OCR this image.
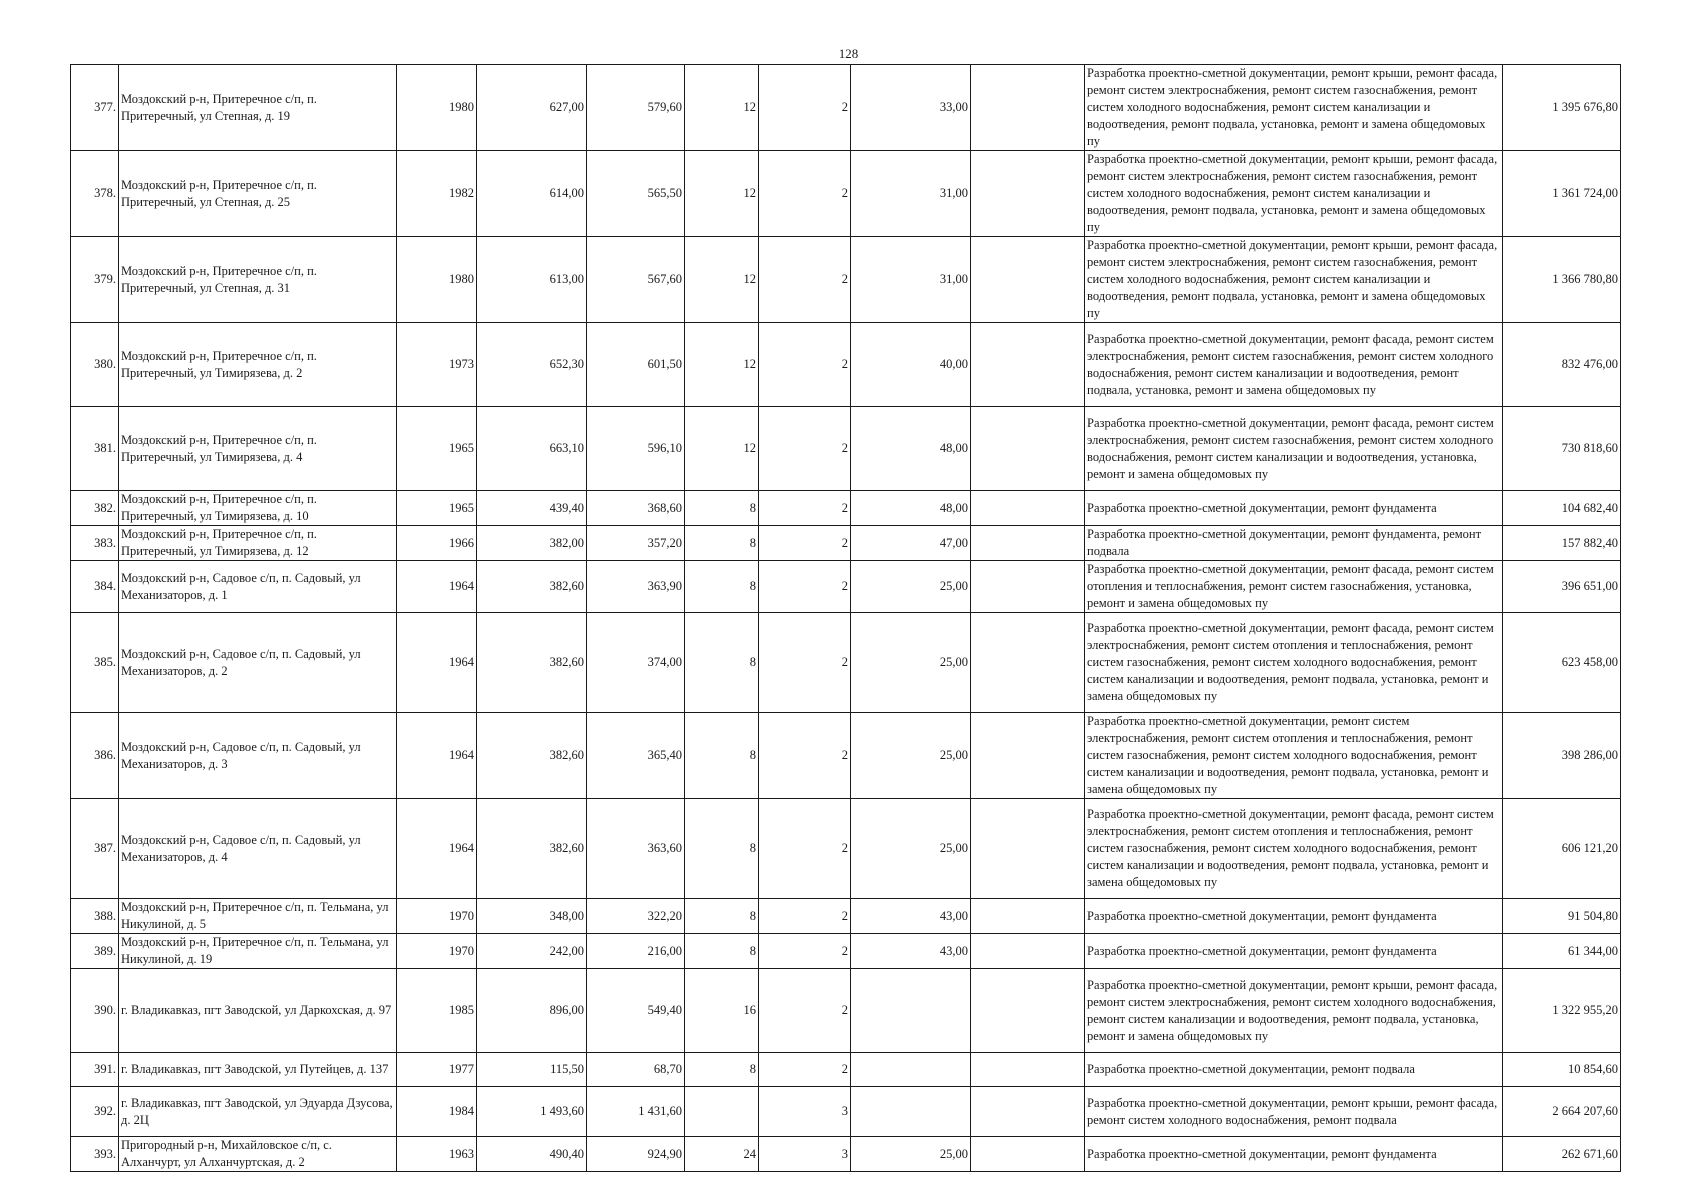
128
377.	Моздокский р-н, Притеречное с/п, п. Притеречный, ул Степная, д. 19	1980	627,00	579,60	12	2	33,00		Разработка проектно-сметной документации, ремонт крыши, ремонт фасада, ремонт систем электроснабжения, ремонт систем газоснабжения, ремонт систем холодного водоснабжения, ремонт систем канализации и водоотведения, ремонт подвала, установка, ремонт и замена общедомовых пу	1 395 676,80
378.	Моздокский р-н, Притеречное с/п, п. Притеречный, ул Степная, д. 25	1982	614,00	565,50	12	2	31,00		Разработка проектно-сметной документации, ремонт крыши, ремонт фасада, ремонт систем электроснабжения, ремонт систем газоснабжения, ремонт систем холодного водоснабжения, ремонт систем канализации и водоотведения, ремонт подвала, установка, ремонт и замена общедомовых пу	1 361 724,00
379.	Моздокский р-н, Притеречное с/п, п. Притеречный, ул Степная, д. 31	1980	613,00	567,60	12	2	31,00		Разработка проектно-сметной документации, ремонт крыши, ремонт фасада, ремонт систем электроснабжения, ремонт систем газоснабжения, ремонт систем холодного водоснабжения, ремонт систем канализации и водоотведения, ремонт подвала, установка, ремонт и замена общедомовых пу	1 366 780,80
380.	Моздокский р-н, Притеречное с/п, п. Притеречный, ул Тимирязева, д. 2	1973	652,30	601,50	12	2	40,00		Разработка проектно-сметной документации, ремонт фасада, ремонт систем электроснабжения, ремонт систем газоснабжения, ремонт систем холодного водоснабжения, ремонт систем канализации и водоотведения, ремонт подвала, установка, ремонт и замена общедомовых пу	832 476,00
381.	Моздокский р-н, Притеречное с/п, п. Притеречный, ул Тимирязева, д. 4	1965	663,10	596,10	12	2	48,00		Разработка проектно-сметной документации, ремонт фасада, ремонт систем электроснабжения, ремонт систем газоснабжения, ремонт систем холодного водоснабжения, ремонт систем канализации и водоотведения, установка, ремонт и замена общедомовых пу	730 818,60
382.	Моздокский р-н, Притеречное с/п, п. Притеречный, ул Тимирязева, д. 10	1965	439,40	368,60	8	2	48,00		Разработка проектно-сметной документации, ремонт фундамента	104 682,40
383.	Моздокский р-н, Притеречное с/п, п. Притеречный, ул Тимирязева, д. 12	1966	382,00	357,20	8	2	47,00		Разработка проектно-сметной документации, ремонт фундамента, ремонт подвала	157 882,40
384.	Моздокский р-н, Садовое с/п, п. Садовый, ул Механизаторов, д. 1	1964	382,60	363,90	8	2	25,00		Разработка проектно-сметной документации, ремонт фасада, ремонт систем отопления и теплоснабжения, ремонт систем газоснабжения, установка, ремонт и замена общедомовых пу	396 651,00
385.	Моздокский р-н, Садовое с/п, п. Садовый, ул Механизаторов, д. 2	1964	382,60	374,00	8	2	25,00		Разработка проектно-сметной документации, ремонт фасада, ремонт систем электроснабжения, ремонт систем отопления и теплоснабжения, ремонт систем газоснабжения, ремонт систем холодного водоснабжения, ремонт систем канализации и водоотведения, ремонт подвала, установка, ремонт и замена общедомовых пу	623 458,00
386.	Моздокский р-н, Садовое с/п, п. Садовый, ул Механизаторов, д. 3	1964	382,60	365,40	8	2	25,00		Разработка проектно-сметной документации, ремонт систем электроснабжения, ремонт систем отопления и теплоснабжения, ремонт систем газоснабжения, ремонт систем холодного водоснабжения, ремонт систем канализации и водоотведения, ремонт подвала, установка, ремонт и замена общедомовых пу	398 286,00
387.	Моздокский р-н, Садовое с/п, п. Садовый, ул Механизаторов, д. 4	1964	382,60	363,60	8	2	25,00		Разработка проектно-сметной документации, ремонт фасада, ремонт систем электроснабжения, ремонт систем отопления и теплоснабжения, ремонт систем газоснабжения, ремонт систем холодного водоснабжения, ремонт систем канализации и водоотведения, ремонт подвала, установка, ремонт и замена общедомовых пу	606 121,20
388.	Моздокский р-н, Притеречное с/п, п. Тельмана, ул Никулиной, д. 5	1970	348,00	322,20	8	2	43,00		Разработка проектно-сметной документации, ремонт фундамента	91 504,80
389.	Моздокский р-н, Притеречное с/п, п. Тельмана, ул Никулиной, д. 19	1970	242,00	216,00	8	2	43,00		Разработка проектно-сметной документации, ремонт фундамента	61 344,00
390.	г. Владикавказ, пгт Заводской, ул Даркохская, д. 97	1985	896,00	549,40	16	2			Разработка проектно-сметной документации, ремонт крыши, ремонт фасада, ремонт систем электроснабжения, ремонт систем холодного водоснабжения, ремонт систем канализации и водоотведения, ремонт подвала, установка, ремонт и замена общедомовых пу	1 322 955,20
391.	г. Владикавказ, пгт Заводской, ул Путейцев, д. 137	1977	115,50	68,70	8	2			Разработка проектно-сметной документации, ремонт подвала	10 854,60
392.	г. Владикавказ, пгт Заводской, ул Эдуарда Дзусова, д. 2Ц	1984	1 493,60	1 431,60		3			Разработка проектно-сметной документации, ремонт крыши, ремонт фасада, ремонт систем холодного водоснабжения, ремонт подвала	2 664 207,60
393.	Пригородный р-н, Михайловское с/п, с. Алханчурт, ул Алханчуртская, д. 2	1963	490,40	924,90	24	3	25,00		Разработка проектно-сметной документации, ремонт фундамента	262 671,60
